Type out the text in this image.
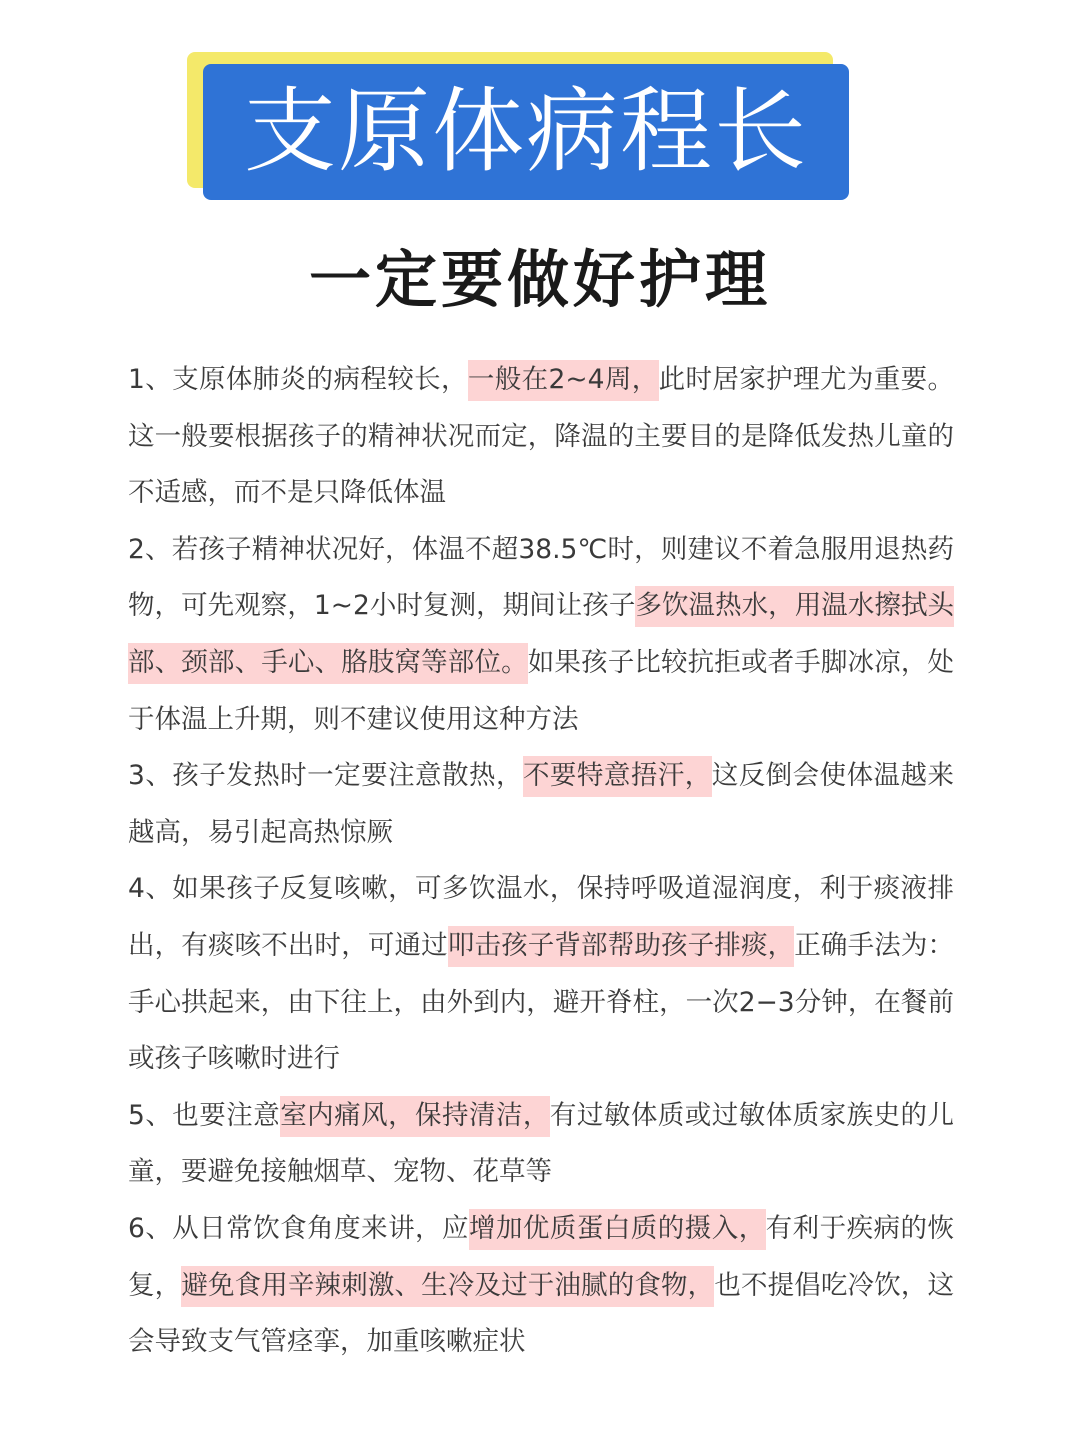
支原体病程长
一定要做好护理

1、支原体肺炎的病程较长，一般在2~4周，此时居家护理尤为重要。这一般要根据孩子的精神状况而定，降温的主要目的是降低发热儿童的不适感，而不是只降低体温

2、若孩子精神状况好，体温不超38.5℃时，则建议不着急服用退热药物，可先观察，1~2小时复测，期间让孩子多饮温热水，用温水擦拭头部、颈部、手心、胳肢窝等部位。如果孩子比较抗拒或者手脚冰凉，处于体温上升期，则不建议使用这种方法

3、孩子发热时一定要注意散热，不要特意捂汗，这反倒会使体温越来越高，易引起高热惊厥

4、如果孩子反复咳嗽，可多饮温水，保持呼吸道湿润度，利于痰液排出，有痰咳不出时，可通过叩击孩子背部帮助孩子排痰，正确手法为：手心拱起来，由下往上，由外到内，避开脊柱，一次2−3分钟，在餐前或孩子咳嗽时进行

5、也要注意室内痛风，保持清洁，有过敏体质或过敏体质家族史的儿童，要避免接触烟草、宠物、花草等

6、从日常饮食角度来讲，应增加优质蛋白质的摄入，有利于疾病的恢复，避免食用辛辣刺激、生冷及过于油腻的食物，也不提倡吃冷饮，这会导致支气管痉挛，加重咳嗽症状
